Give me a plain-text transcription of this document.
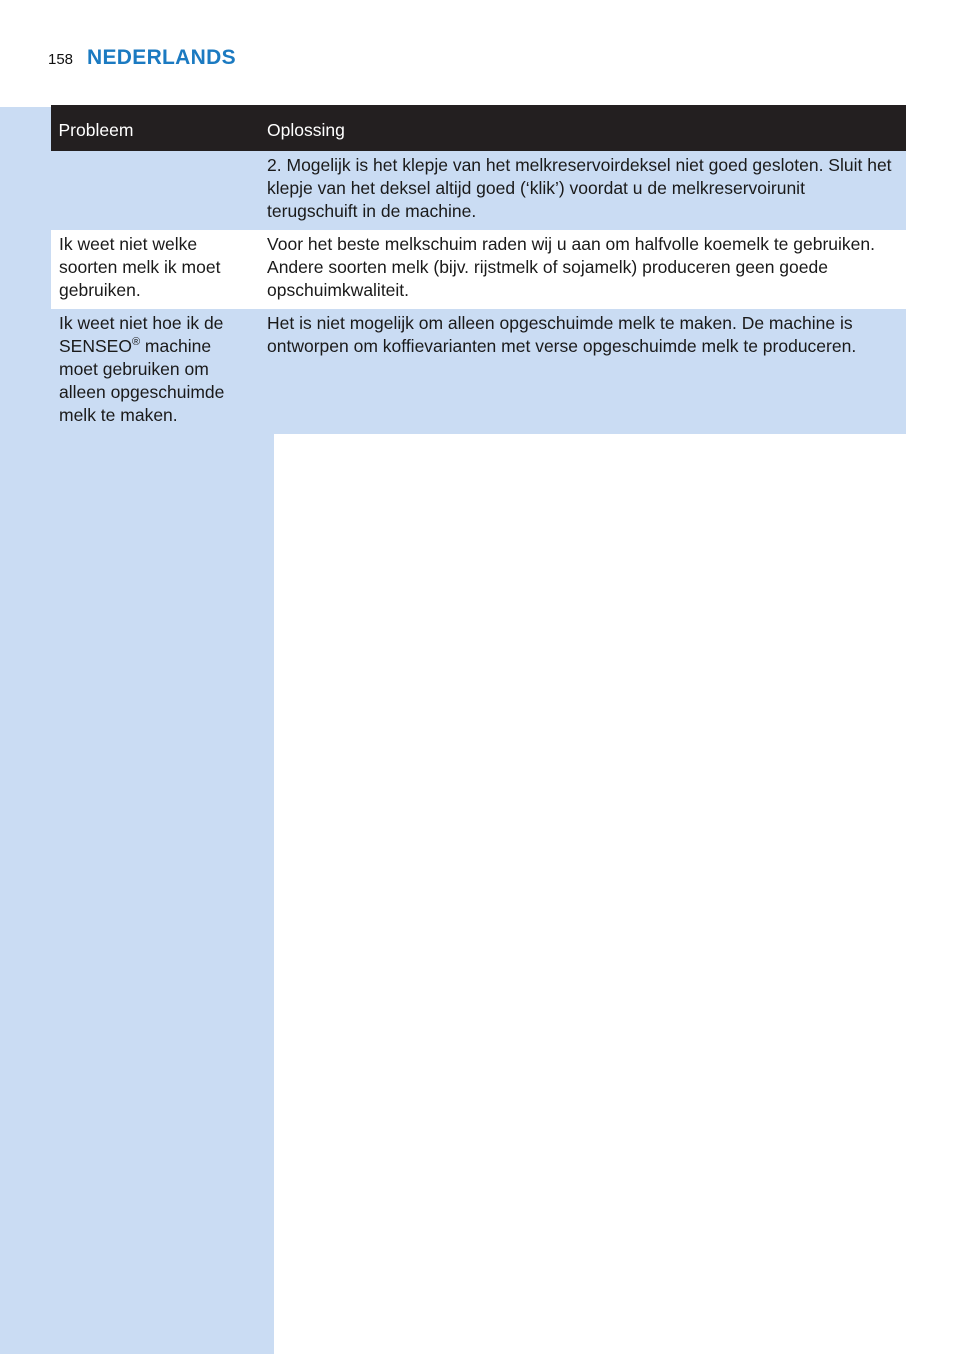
158 NEDERLANDS
Probleem	Oplossing
	2. Mogelijk is het klepje van het melkreservoirdeksel niet goed gesloten. Sluit het klepje van het deksel altijd goed (‘klik’) voordat u de melkreservoirunit terugschuift in de machine.
Ik weet niet welke soorten melk ik moet gebruiken.	Voor het beste melkschuim raden wij u aan om halfvolle koemelk te gebruiken. Andere soorten melk (bijv. rijstmelk of sojamelk) produceren geen goede opschuimkwaliteit.
Ik weet niet hoe ik de SENSEO® machine moet gebruiken om alleen opgeschuimde melk te maken.	Het is niet mogelijk om alleen opgeschuimde melk te maken. De machine is ontworpen om koffievarianten met verse opgeschuimde melk te produceren.
